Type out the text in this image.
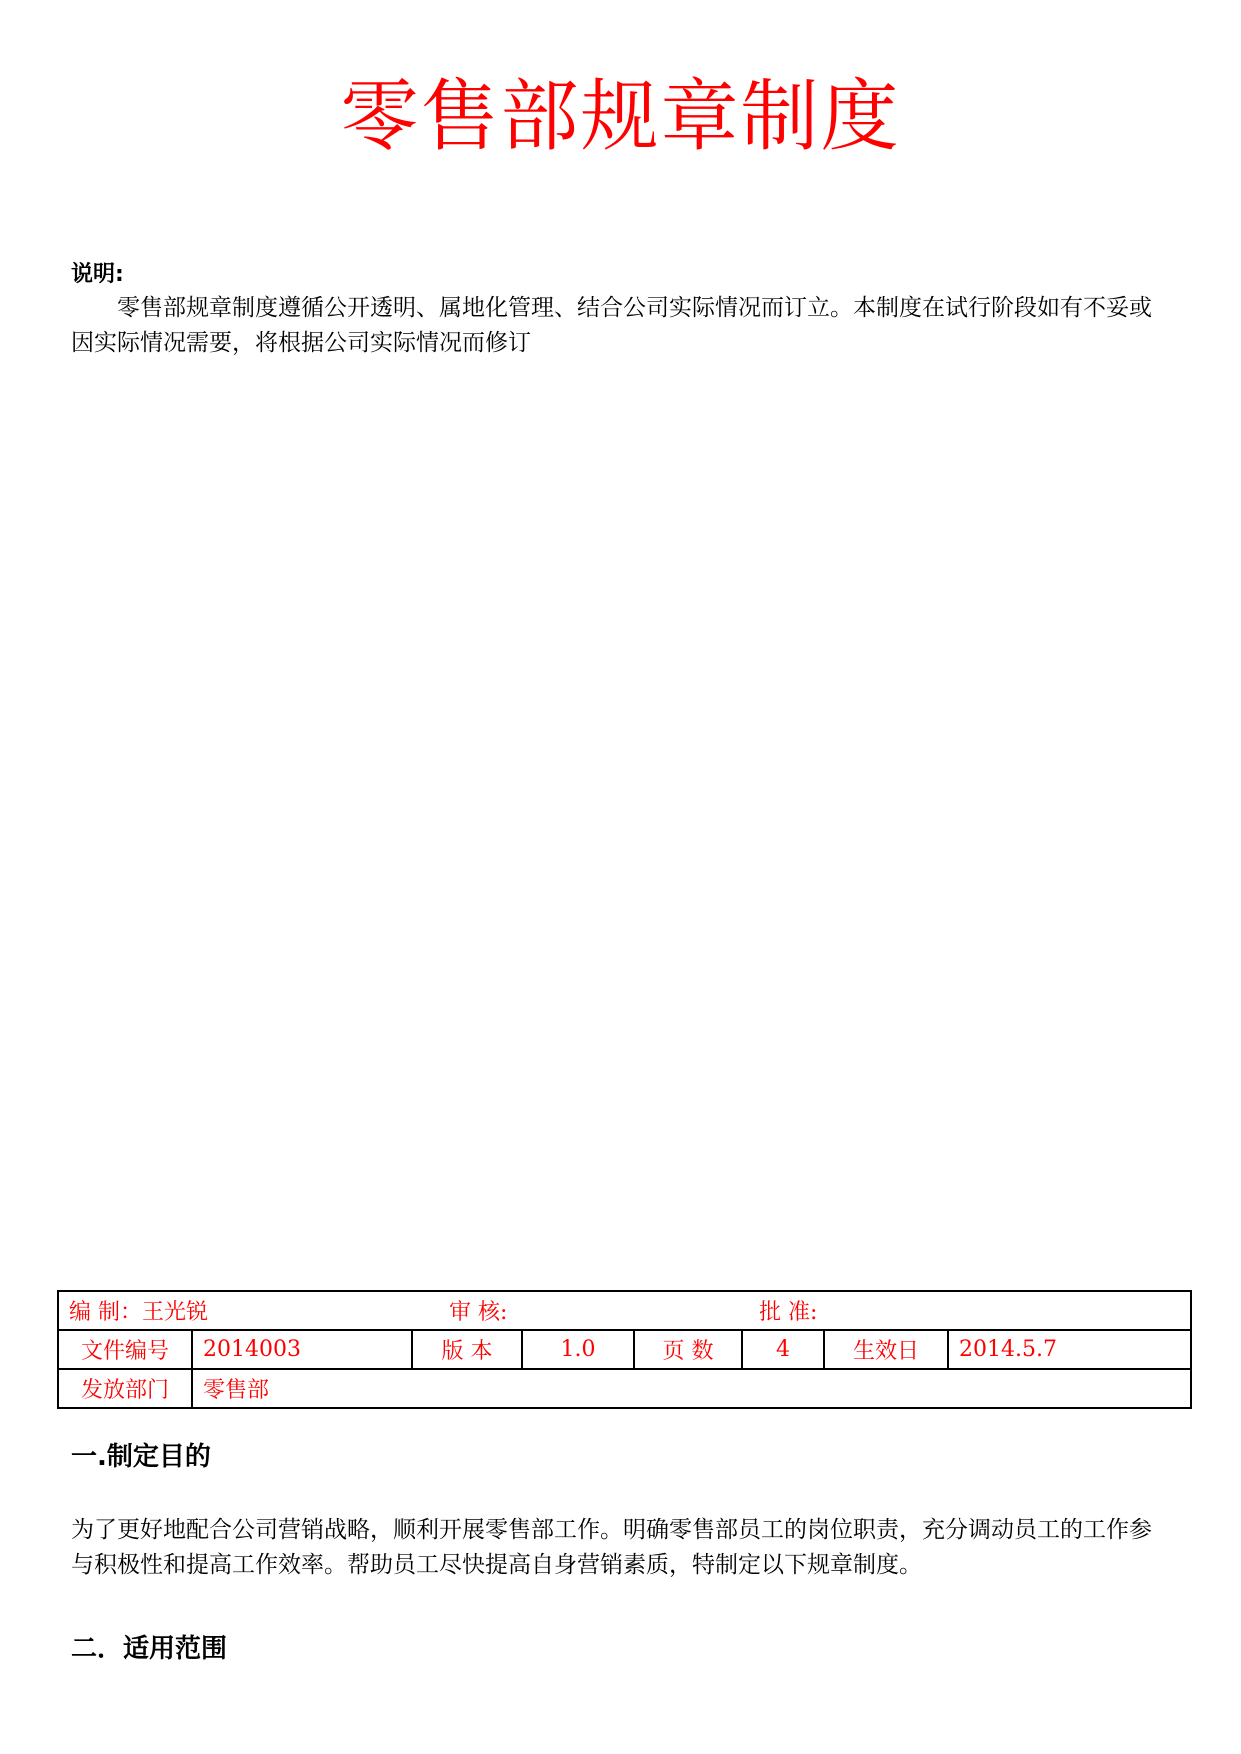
零售部规章制度
说明:
零售部规章制度遵循公开透明、属地化管理、结合公司实际情况而订立。本制度在试行阶段如有不妥或因实际情况需要，将根据公司实际情况而修订
编 制：王光锐 审 核: 批 准:							
文件编号	2014003	版 本	1.0	页 数	4	生效日	2014.5.7
发放部门	零售部						
一.制定目的
为了更好地配合公司营销战略，顺利开展零售部工作。明确零售部员工的岗位职责，充分调动员工的工作参与积极性和提高工作效率。帮助员工尽快提高自身营销素质，特制定以下规章制度。
二．适用范围
